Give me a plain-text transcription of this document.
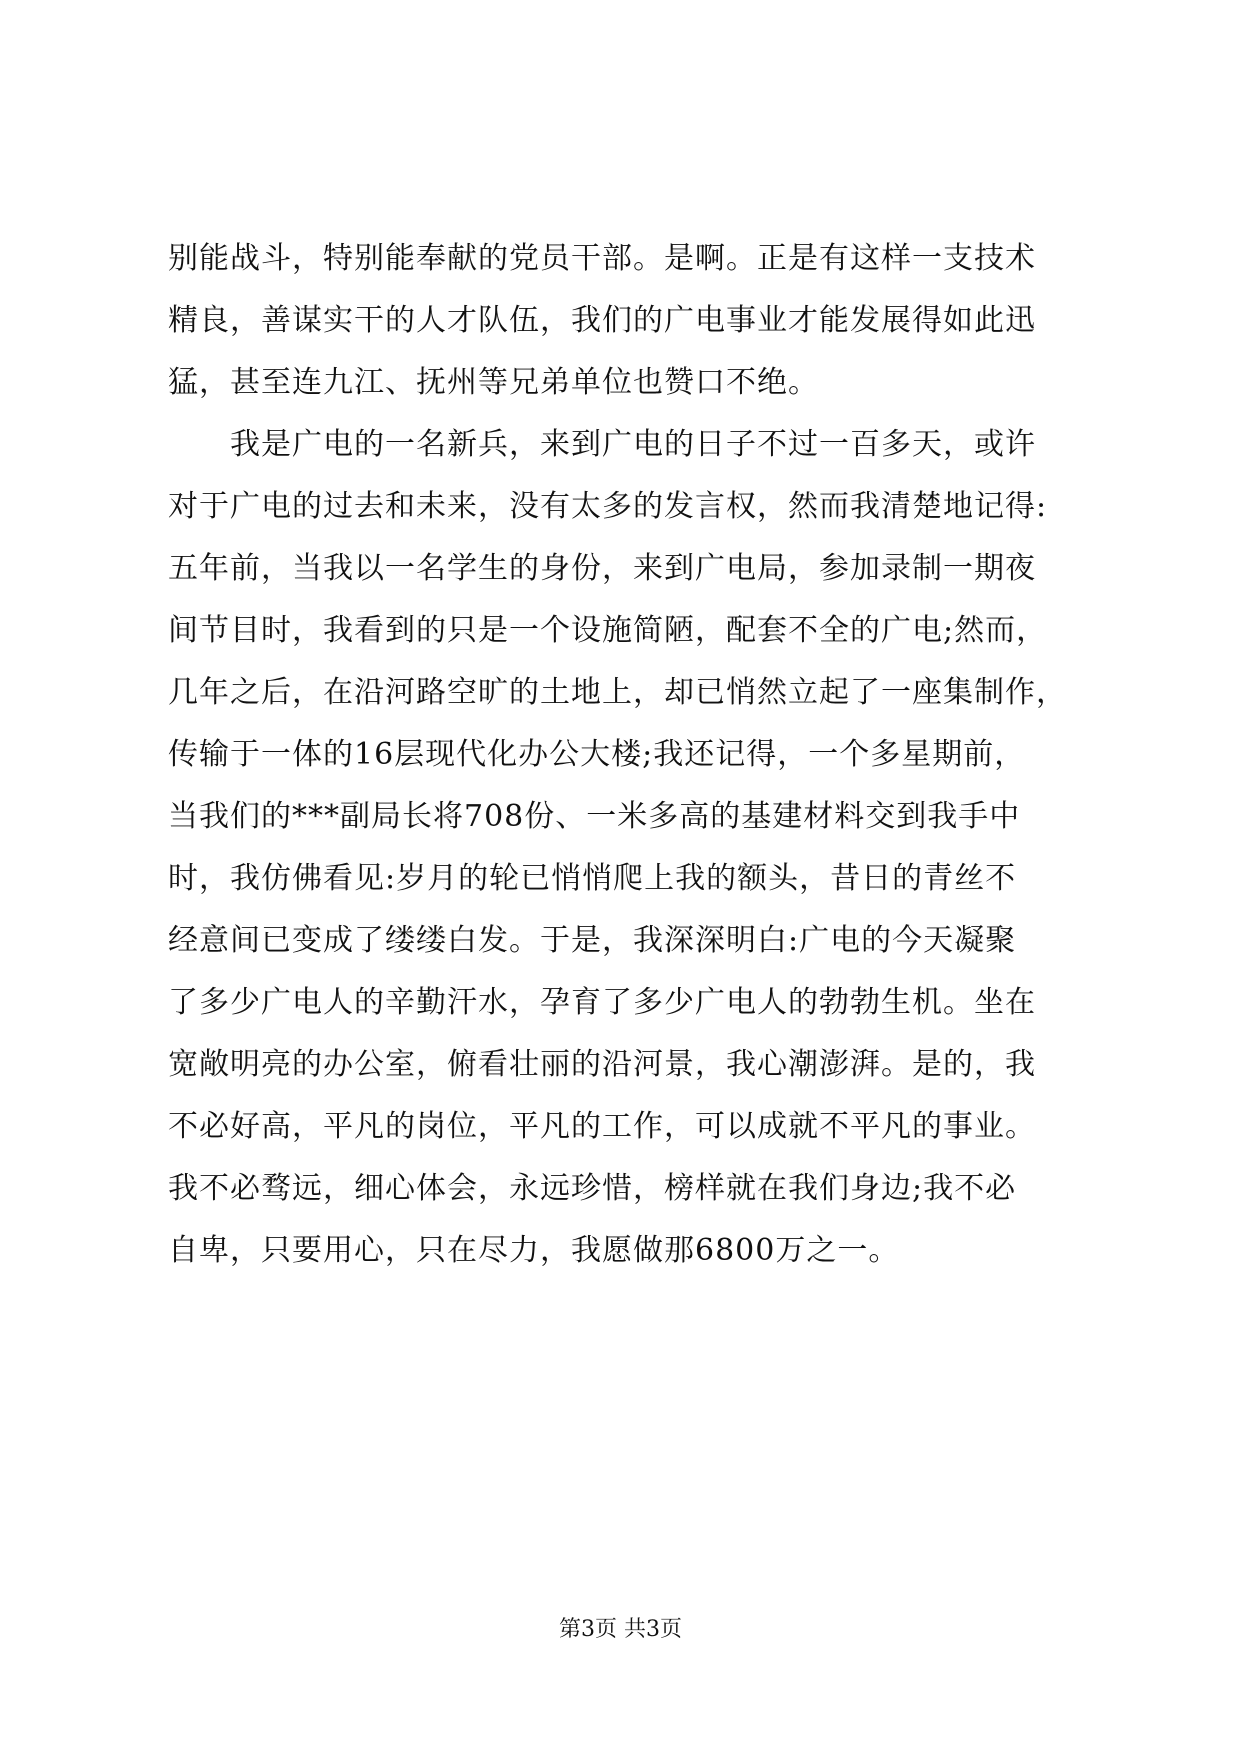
别能战斗，特别能奉献的党员干部。是啊。正是有这样一支技术
精良，善谋实干的人才队伍，我们的广电事业才能发展得如此迅
猛，甚至连九江、抚州等兄弟单位也赞口不绝。
我是广电的一名新兵，来到广电的日子不过一百多天，或许
对于广电的过去和未来，没有太多的发言权，然而我清楚地记得:
五年前，当我以一名学生的身份，来到广电局，参加录制一期夜
间节目时，我看到的只是一个设施简陋，配套不全的广电;然而，
几年之后，在沿河路空旷的土地上，却已悄然立起了一座集制作，
传输于一体的16层现代化办公大楼;我还记得，一个多星期前，
当我们的***副局长将708份、一米多高的基建材料交到我手中
时，我仿佛看见:岁月的轮已悄悄爬上我的额头，昔日的青丝不
经意间已变成了缕缕白发。于是，我深深明白:广电的今天凝聚
了多少广电人的辛勤汗水，孕育了多少广电人的勃勃生机。坐在
宽敞明亮的办公室，俯看壮丽的沿河景，我心潮澎湃。是的，我
不必好高，平凡的岗位，平凡的工作，可以成就不平凡的事业。
我不必骛远，细心体会，永远珍惜，榜样就在我们身边;我不必
自卑，只要用心，只在尽力，我愿做那6800万之一。
第3页 共3页
